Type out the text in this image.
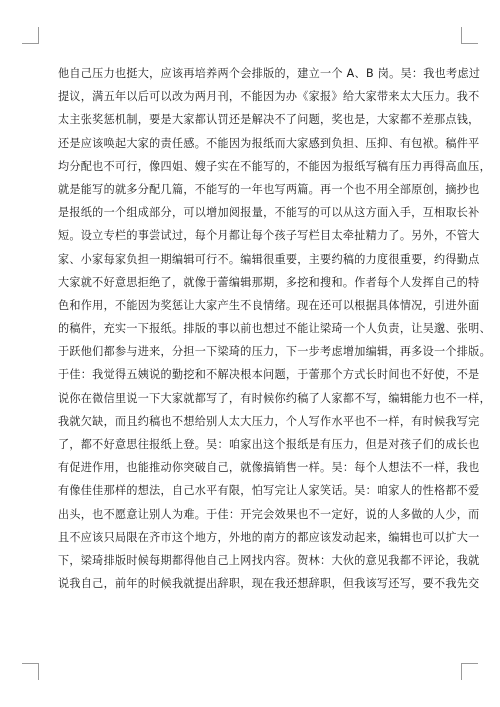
他自己压力也挺大，应该再培养两个会排版的，建立一个 A、B 岗。吴：我也考虑过
提议，满五年以后可以改为两月刊，不能因为办《家报》给大家带来太大压力。我不
太主张奖惩机制，要是大家都认罚还是解决不了问题，奖也是，大家都不差那点钱，
还是应该唤起大家的责任感。不能因为报纸而大家感到负担、压抑、有包袱。稿件平
均分配也不可行，像四姐、嫂子实在不能写的，不能因为报纸写稿有压力再得高血压，
就是能写的就多分配几篇，不能写的一年也写两篇。再一个也不用全部原创，摘抄也
是报纸的一个组成部分，可以增加阅报量，不能写的可以从这方面入手，互相取长补
短。设立专栏的事尝试过，每个月都让每个孩子写栏目太牵扯精力了。另外，不管大
家、小家每家负担一期编辑可行不。编辑很重要，主要约稿的力度很重要，约得勤点
大家就不好意思拒绝了，就像于蕾编辑那期，多挖和搜和。作者每个人发挥自己的特
色和作用，不能因为奖惩让大家产生不良情绪。现在还可以根据具体情况，引进外面
的稿件，充实一下报纸。排版的事以前也想过不能让梁琦一个人负责，让吴邈、张明、
于跃他们都参与进来，分担一下梁琦的压力，下一步考虑增加编辑，再多设一个排版。
于佳：我觉得五姨说的勤挖和不解决根本问题，于蕾那个方式长时间也不好使，不是
说你在微信里说一下大家就都写了，有时候你约稿了人家都不写，编辑能力也不一样，
我就欠缺，而且约稿也不想给别人太大压力，个人写作水平也不一样，有时候我写完
了，都不好意思往报纸上登。吴：咱家出这个报纸是有压力，但是对孩子们的成长也
有促进作用，也能推动你突破自己，就像搞销售一样。吴：每个人想法不一样，我也
有像佳佳那样的想法，自己水平有限，怕写完让人家笑话。吴：咱家人的性格都不爱
出头，也不愿意让别人为难。于佳：开完会效果也不一定好，说的人多做的人少，而
且不应该只局限在齐市这个地方，外地的南方的都应该发动起来，编辑也可以扩大一
下，梁琦排版时候每期都得他自己上网找内容。贺林：大伙的意见我都不评论，我就
说我自己，前年的时候我就提出辞职，现在我还想辞职，但我该写还写，要不我先交
